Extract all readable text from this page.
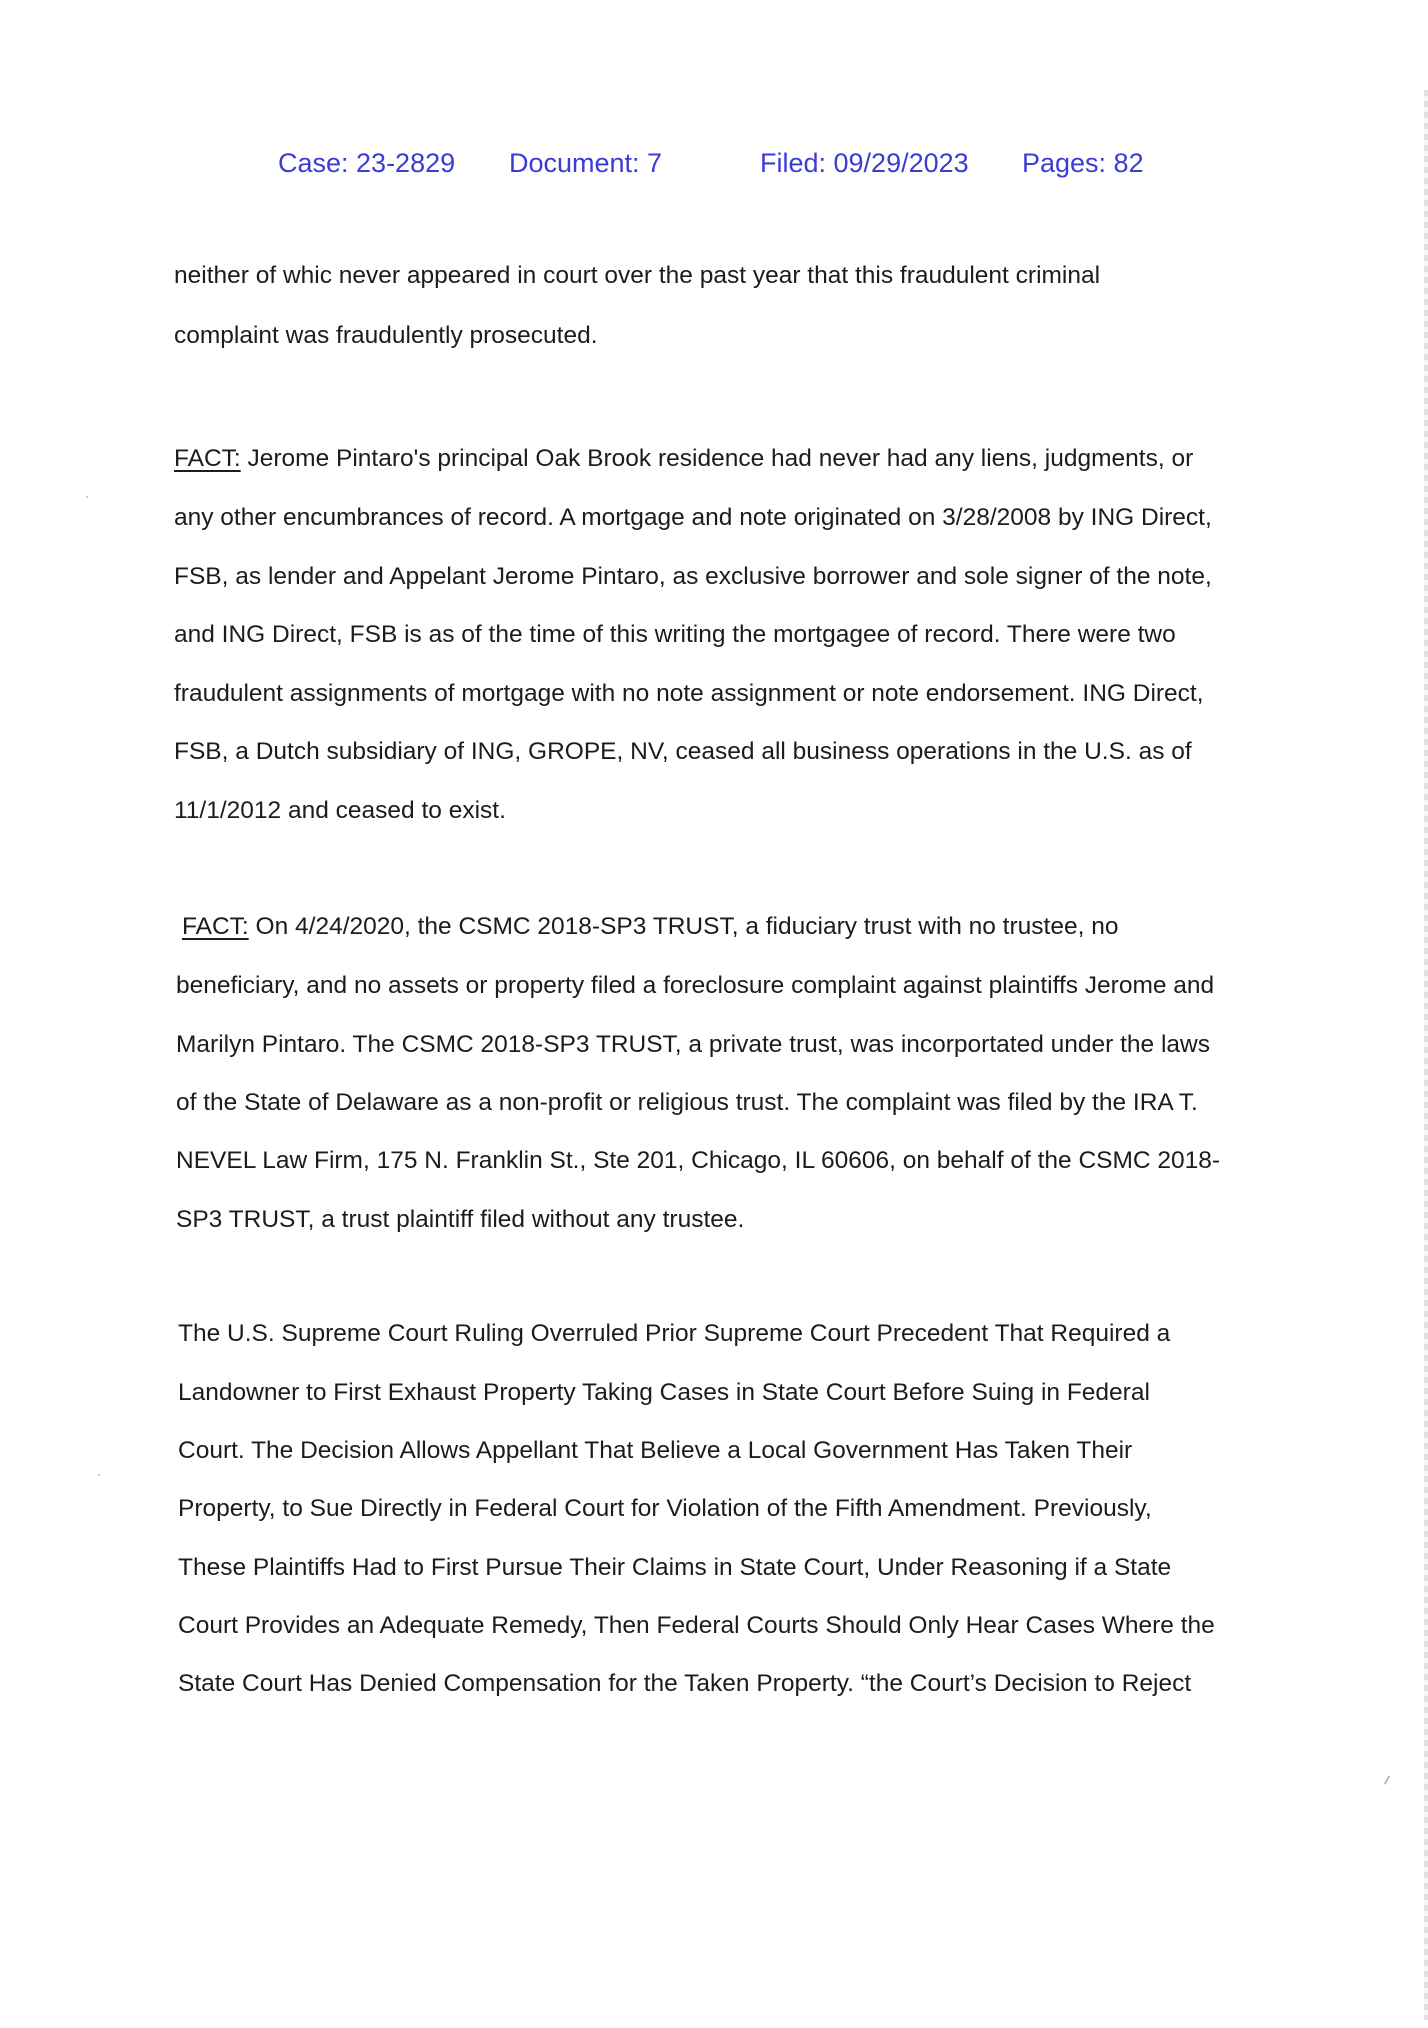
Case: 23-2829 Document: 7	Filed: 09/29/2023 Pages: 82
neither of whic never appeared in court over the past year that this fraudulent criminal
complaint was fraudulently prosecuted.
FACT: Jerome Pintaro's principal Oak Brook residence had never had any liens, judgments, or
any other encumbrances of record. A mortgage and note originated on 3/28/2008 by ING Direct,
FSB, as lender and Appelant Jerome Pintaro, as exclusive borrower and sole signer of the note,
and ING Direct, FSB is as of the time of this writing the mortgagee of record. There were two
fraudulent assignments of mortgage with no note assignment or note endorsement. ING Direct,
FSB, a Dutch subsidiary of ING, GROPE, NV, ceased all business operations in the U.S. as of
11/1/2012 and ceased to exist.
FACT: On 4/24/2020, the CSMC 2018-SP3 TRUST, a fiduciary trust with no trustee, no
beneficiary, and no assets or property filed a foreclosure complaint against plaintiffs Jerome and
Marilyn Pintaro. The CSMC 2018-SP3 TRUST, a private trust, was incorportated under the laws
of the State of Delaware as a non-profit or religious trust. The complaint was filed by the IRA T.
NEVEL Law Firm, 175 N. Franklin St., Ste 201, Chicago, IL 60606, on behalf of the CSMC 2018-
SP3 TRUST, a trust plaintiff filed without any trustee.
The U.S. Supreme Court Ruling Overruled Prior Supreme Court Precedent That Required a
Landowner to First Exhaust Property Taking Cases in State Court Before Suing in Federal
Court. The Decision Allows Appellant That Believe a Local Government Has Taken Their
Property, to Sue Directly in Federal Court for Violation of the Fifth Amendment. Previously,
These Plaintiffs Had to First Pursue Their Claims in State Court, Under Reasoning if a State
Court Provides an Adequate Remedy, Then Federal Courts Should Only Hear Cases Where the
State Court Has Denied Compensation for the Taken Property. “the Court’s Decision to Reject
